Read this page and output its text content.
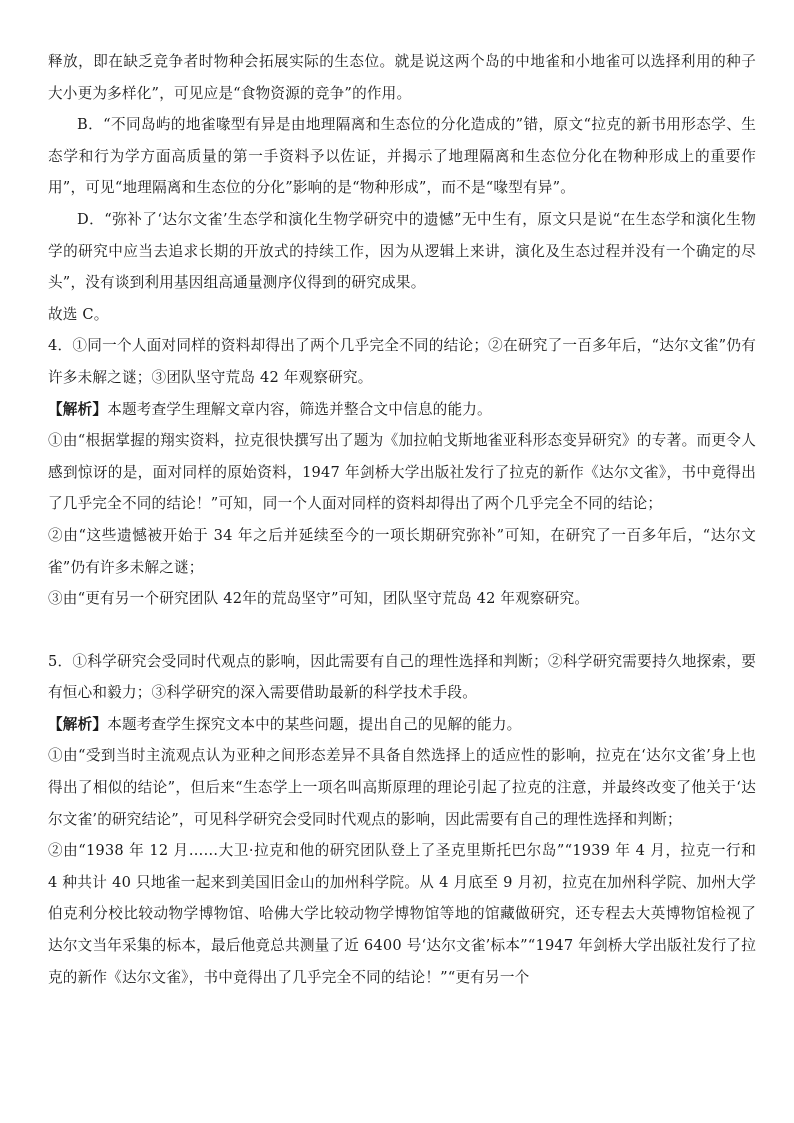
释放，即在缺乏竞争者时物种会拓展实际的生态位。就是说这两个岛的中地雀和小地雀可以选择利用的种子大小更为多样化”，可见应是“食物资源的竞争”的作用。

B．“不同岛屿的地雀喙型有异是由地理隔离和生态位的分化造成的”错，原文“拉克的新书用形态学、生态学和行为学方面高质量的第一手资料予以佐证，并揭示了地理隔离和生态位分化在物种形成上的重要作用”，可见“地理隔离和生态位的分化”影响的是“物种形成”，而不是“喙型有异”。

D．“弥补了‘达尔文雀’生态学和演化生物学研究中的遗憾”无中生有，原文只是说“在生态学和演化生物学的研究中应当去追求长期的开放式的持续工作，因为从逻辑上来讲，演化及生态过程并没有一个确定的尽头”，没有谈到利用基因组高通量测序仪得到的研究成果。

故选 C。

4．①同一个人面对同样的资料却得出了两个几乎完全不同的结论；②在研究了一百多年后，“达尔文雀”仍有许多未解之谜；③团队坚守荒岛 42 年观察研究。

【解析】本题考查学生理解文章内容，筛选并整合文中信息的能力。

①由“根据掌握的翔实资料，拉克很快撰写出了题为《加拉帕戈斯地雀亚科形态变异研究》的专著。而更令人感到惊讶的是，面对同样的原始资料，1947 年剑桥大学出版社发行了拉克的新作《达尔文雀》，书中竟得出了几乎完全不同的结论！”可知，同一个人面对同样的资料却得出了两个几乎完全不同的结论；

②由“这些遗憾被开始于 34 年之后并延续至今的一项长期研究弥补”可知，在研究了一百多年后，“达尔文雀”仍有许多未解之谜；

③由“更有另一个研究团队 42年的荒岛坚守”可知，团队坚守荒岛 42 年观察研究。

5．①科学研究会受同时代观点的影响，因此需要有自己的理性选择和判断；②科学研究需要持久地探索，要有恒心和毅力；③科学研究的深入需要借助最新的科学技术手段。

【解析】本题考查学生探究文本中的某些问题，提出自己的见解的能力。

①由“受到当时主流观点认为亚种之间形态差异不具备自然选择上的适应性的影响，拉克在‘达尔文雀’身上也得出了相似的结论”，但后来“生态学上一项名叫高斯原理的理论引起了拉克的注意，并最终改变了他关于‘达尔文雀’的研究结论”，可见科学研究会受同时代观点的影响，因此需要有自己的理性选择和判断；

②由“1938 年 12 月……大卫·拉克和他的研究团队登上了圣克里斯托巴尔岛”“1939 年 4 月，拉克一行和 4 种共计 40 只地雀一起来到美国旧金山的加州科学院。从 4 月底至 9 月初，拉克在加州科学院、加州大学伯克利分校比较动物学博物馆、哈佛大学比较动物学博物馆等地的馆藏做研究，还专程去大英博物馆检视了达尔文当年采集的标本，最后他竟总共测量了近 6400 号‘达尔文雀’标本”“1947 年剑桥大学出版社发行了拉克的新作《达尔文雀》，书中竟得出了几乎完全不同的结论！”“更有另一个
